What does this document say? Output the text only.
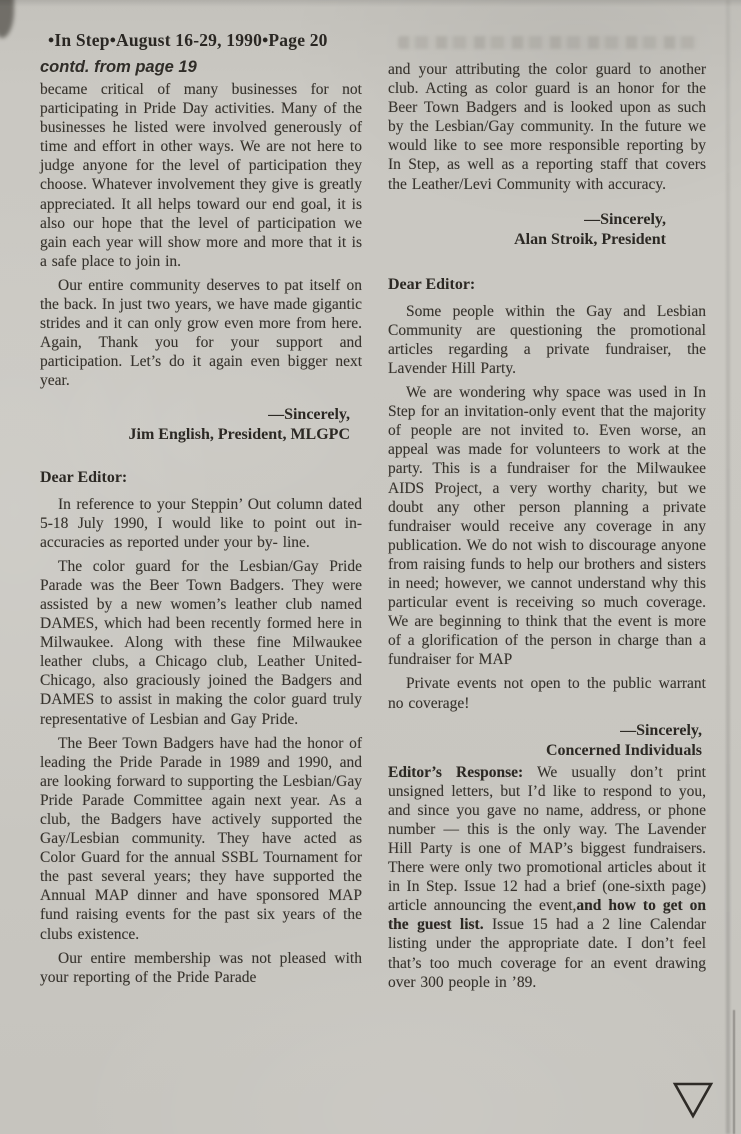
•In Step•August 16-29, 1990•Page 20
contd. from page 19

became critical of many businesses for not participating in Pride Day activities. Many of the businesses he listed were involved generously of time and effort in other ways. We are not here to judge anyone for the level of participation they choose. Whatever involvement they give is greatly appreciated. It all helps toward our end goal, it is also our hope that the level of participation we gain each year will show more and more that it is a safe place to join in.

Our entire community deserves to pat itself on the back. In just two years, we have made gigantic strides and it can only grow even more from here. Again, Thank you for your support and participation. Let’s do it again even bigger next year.

—Sincerely,
Jim English, President, MLGPC
Dear Editor:

In reference to your Steppin’ Out column dated 5-18 July 1990, I would like to point out in-accuracies as reported under your by- line.

The color guard for the Lesbian/Gay Pride Parade was the Beer Town Badgers. They were assisted by a new women’s leather club named DAMES, which had been recently formed here in Milwaukee. Along with these fine Milwaukee leather clubs, a Chicago club, Leather United-Chicago, also graciously joined the Badgers and DAMES to assist in making the color guard truly representative of Lesbian and Gay Pride.

The Beer Town Badgers have had the honor of leading the Pride Parade in 1989 and 1990, and are looking forward to supporting the Lesbian/Gay Pride Parade Committee again next year. As a club, the Badgers have actively supported the Gay/Lesbian community. They have acted as Color Guard for the annual SSBL Tournament for the past several years; they have supported the Annual MAP dinner and have sponsored MAP fund raising events for the past six years of the clubs existence.

Our entire membership was not pleased with your reporting of the Pride Parade

and your attributing the color guard to another club. Acting as color guard is an honor for the Beer Town Badgers and is looked upon as such by the Lesbian/Gay community. In the future we would like to see more responsible reporting by In Step, as well as a reporting staff that covers the Leather/Levi Community with accuracy.

—Sincerely,
Alan Stroik, President
Dear Editor:

Some people within the Gay and Lesbian Community are questioning the promotional articles regarding a private fundraiser, the Lavender Hill Party.

We are wondering why space was used in In Step for an invitation-only event that the majority of people are not invited to. Even worse, an appeal was made for volunteers to work at the party. This is a fundraiser for the Milwaukee AIDS Project, a very worthy charity, but we doubt any other person planning a private fundraiser would receive any coverage in any publication. We do not wish to discourage anyone from raising funds to help our brothers and sisters in need; however, we cannot understand why this particular event is receiving so much coverage. We are beginning to think that the event is more of a glorification of the person in charge than a fundraiser for MAP

Private events not open to the public warrant no coverage!

—Sincerely,
Concerned Individuals

Editor’s Response: We usually don’t print unsigned letters, but I’d like to respond to you, and since you gave no name, address, or phone number — this is the only way. The Lavender Hill Party is one of MAP’s biggest fundraisers. There were only two promotional articles about it in In Step. Issue 12 had a brief (one-sixth page) article announcing the event,and how to get on the guest list. Issue 15 had a 2 line Calendar listing under the appropriate date. I don’t feel that’s too much coverage for an event drawing over 300 people in ’89.
